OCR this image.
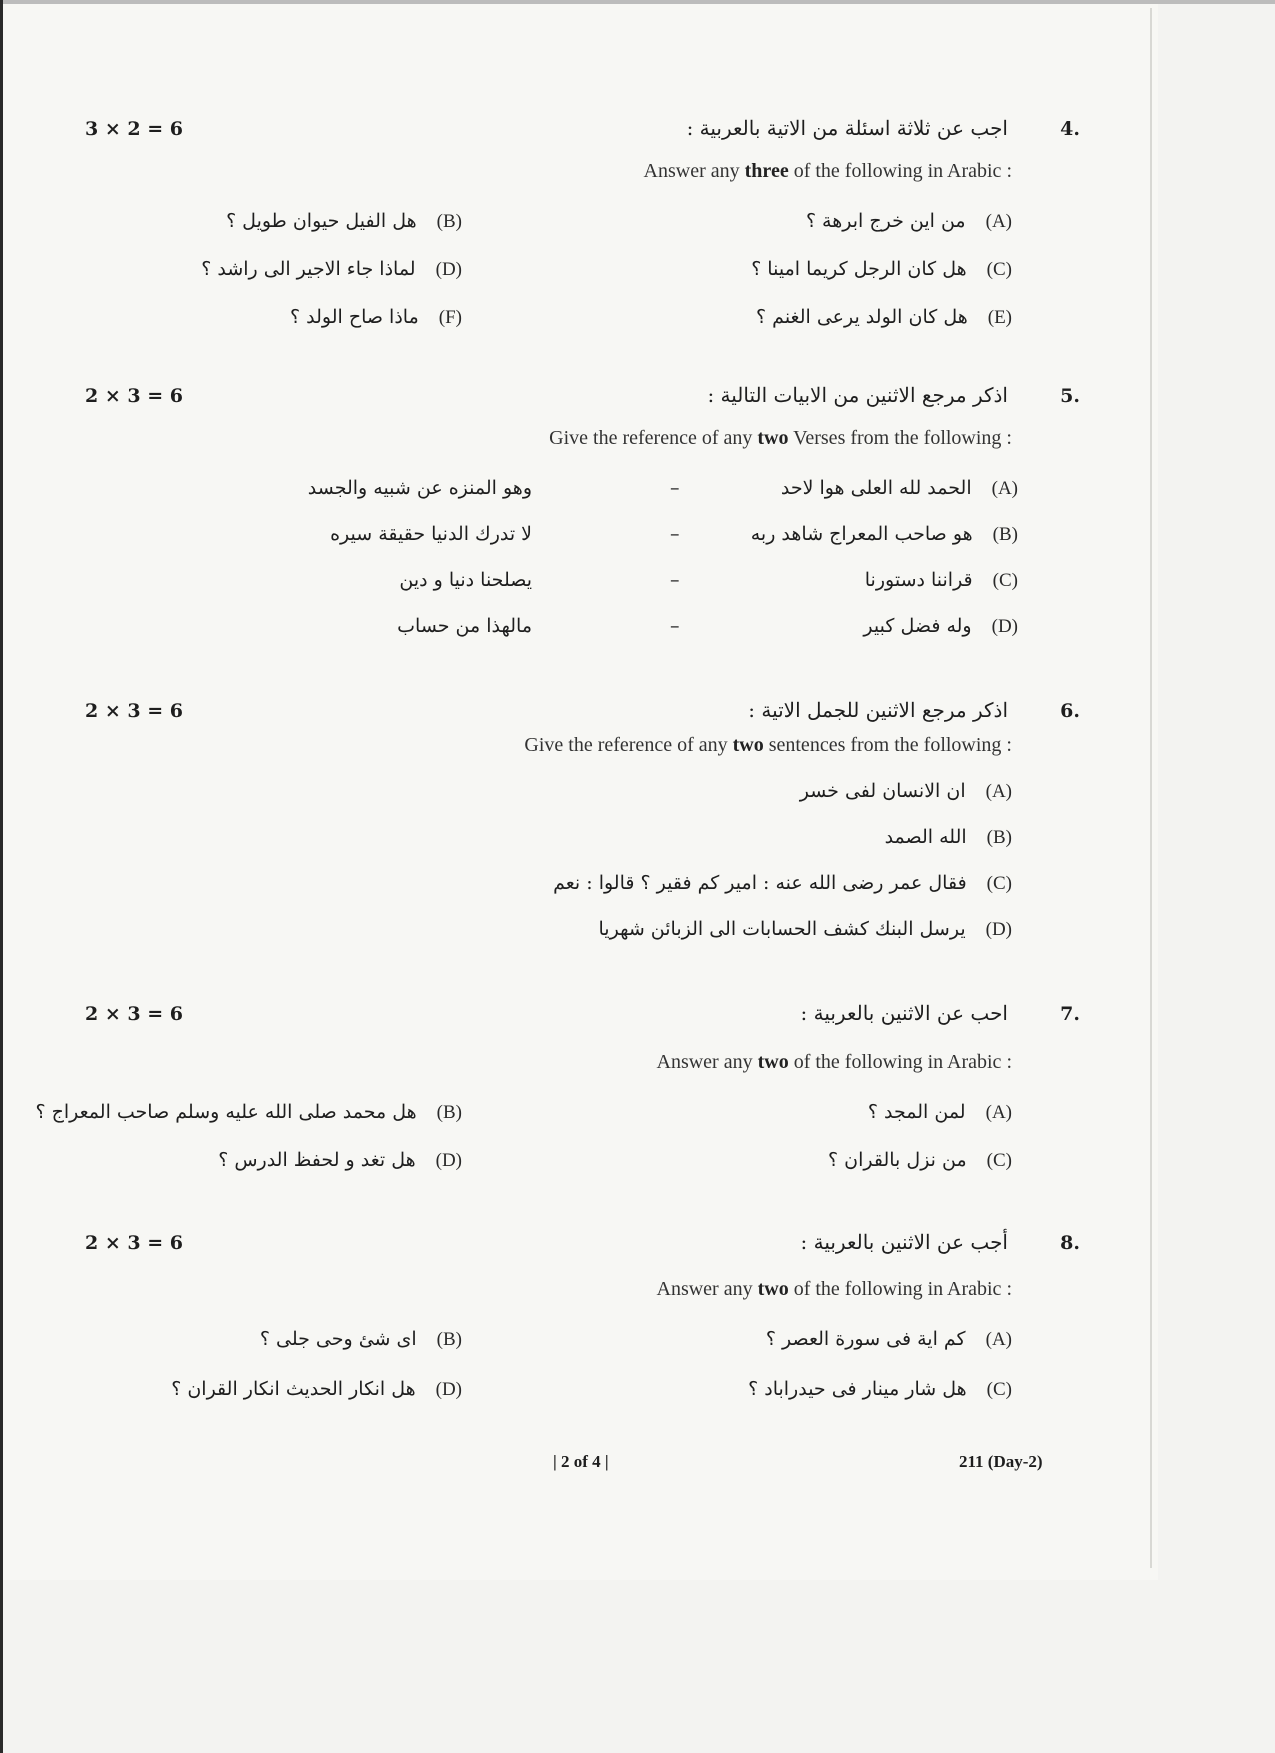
3 × 2 = 6	.4
اجب عن ثلاثة اسئلة من الاتية بالعربية :
Answer any three of the following in Arabic :
(A)من اين خرج ابرهة ؟
(B)هل الفيل حيوان طويل ؟
(C)هل كان الرجل كريما امينا ؟
(D)لماذا جاء الاجير الى راشد ؟
(E)هل كان الولد يرعى الغنم ؟
(F)ماذا صاح الولد ؟
2 × 3 = 6	.5
اذكر مرجع الاثنين من الابيات التالية :
Give the reference of any two Verses from the following :
(A)الحمد لله العلى هوا لاحد
–
وهو المنزه عن شبيه والجسد
(B)هو صاحب المعراج شاهد ربه
–
لا تدرك الدنيا حقيقة سيره
(C)قراننا دستورنا
–
يصلحنا دنيا و دين
(D)وله فضل كبير
–
مالهذا من حساب
2 × 3 = 6	.6
اذكر مرجع الاثنين للجمل الاتية :
Give the reference of any two sentences from the following :
(A)ان الانسان لفى خسر
(B)الله الصمد
(C)فقال عمر رضى الله عنه : امير كم فقير ؟ قالوا : نعم
(D)يرسل البنك كشف الحسابات الى الزبائن شهريا
2 × 3 = 6	.7
احب عن الاثنين بالعربية :
Answer any two of the following in Arabic :
(A)لمن المجد ؟
(B)هل محمد صلى الله عليه وسلم صاحب المعراج ؟
(C)من نزل بالقران ؟
(D)هل تغد و لحفظ الدرس ؟
2 × 3 = 6	.8
أجب عن الاثنين بالعربية :
Answer any two of the following in Arabic :
(A)كم اية فى سورة العصر ؟
(B)اى شئ وحى جلى ؟
(C)هل شار مينار فى حيدراباد ؟
(D)هل انكار الحديث انكار القران ؟
| 2 of 4 |	211 (Day-2)
